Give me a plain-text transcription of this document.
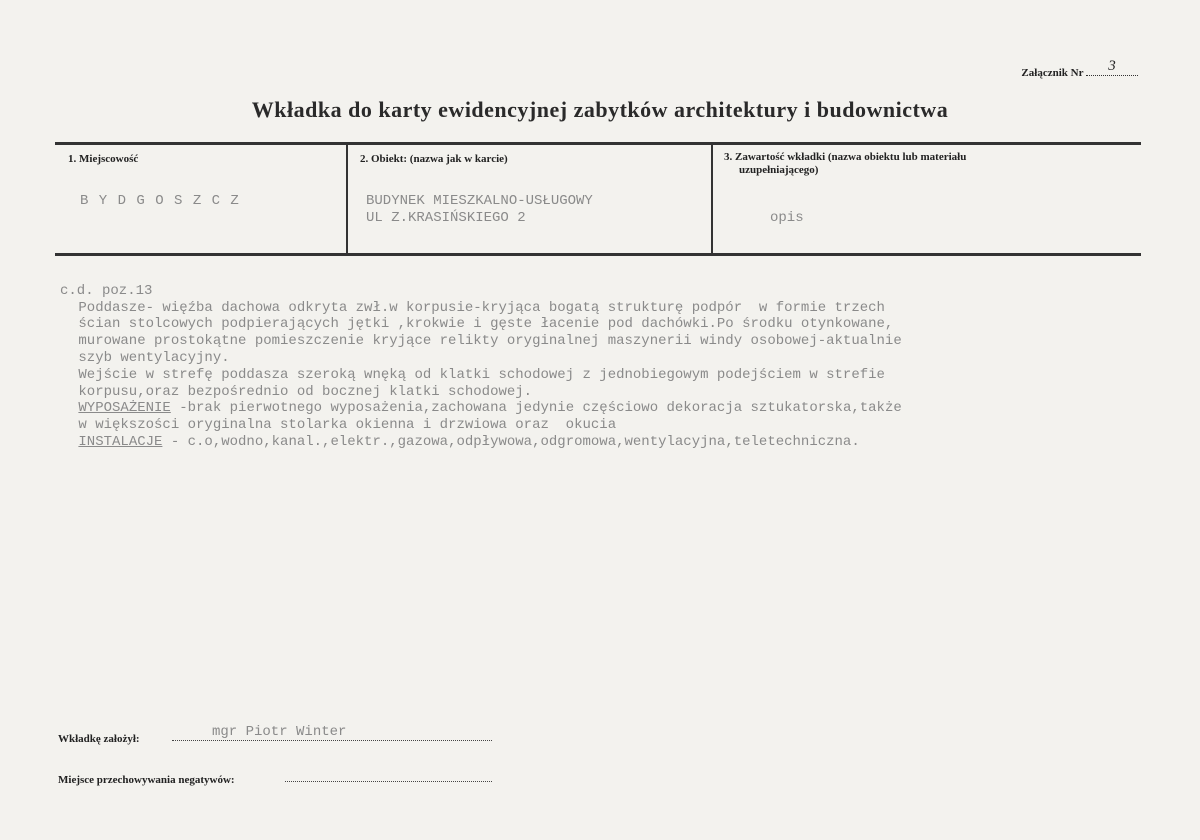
Załącznik Nr 3
Wkładka do karty ewidencyjnej zabytków architektury i budownictwa
1. Miejscowość
B Y D G O S Z C Z
2. Obiekt: (nazwa jak w karcie)
BUDYNEK MIESZKALNO-USŁUGOWY
UL Z.KRASIŃSKIEGO 2
3. Zawartość wkładki (nazwa obiektu lub materiału
uzupełniającego)
opis

c.d. poz.13
Poddasze- więźba dachowa odkryta zwł.w korpusie-kryjąca bogatą strukturę podpór  w formie trzech
ścian stolcowych podpierających jętki ,krokwie i gęste łacenie pod dachówki.Po środku otynkowane,
murowane prostokątne pomieszczenie kryjące relikty oryginalnej maszynerii windy osobowej-aktualnie
szyb wentylacyjny.
Wejście w strefę poddasza szeroką wnęką od klatki schodowej z jednobiegowym podejściem w strefie
korpusu,oraz bezpośrednio od bocznej klatki schodowej.
WYPOSAŻENIE -brak pierwotnego wyposażenia,zachowana jedynie częściowo dekoracja sztukatorska,także
w większości oryginalna stolarka okienna i drzwiowa oraz  okucia
INSTALACJE - c.o,wodno,kanal.,elektr.,gazowa,odpływowa,odgromowa,wentylacyjna,teletechniczna.

Wkładkę założył:	mgr Piotr Winter
Miejsce przechowywania negatywów:
